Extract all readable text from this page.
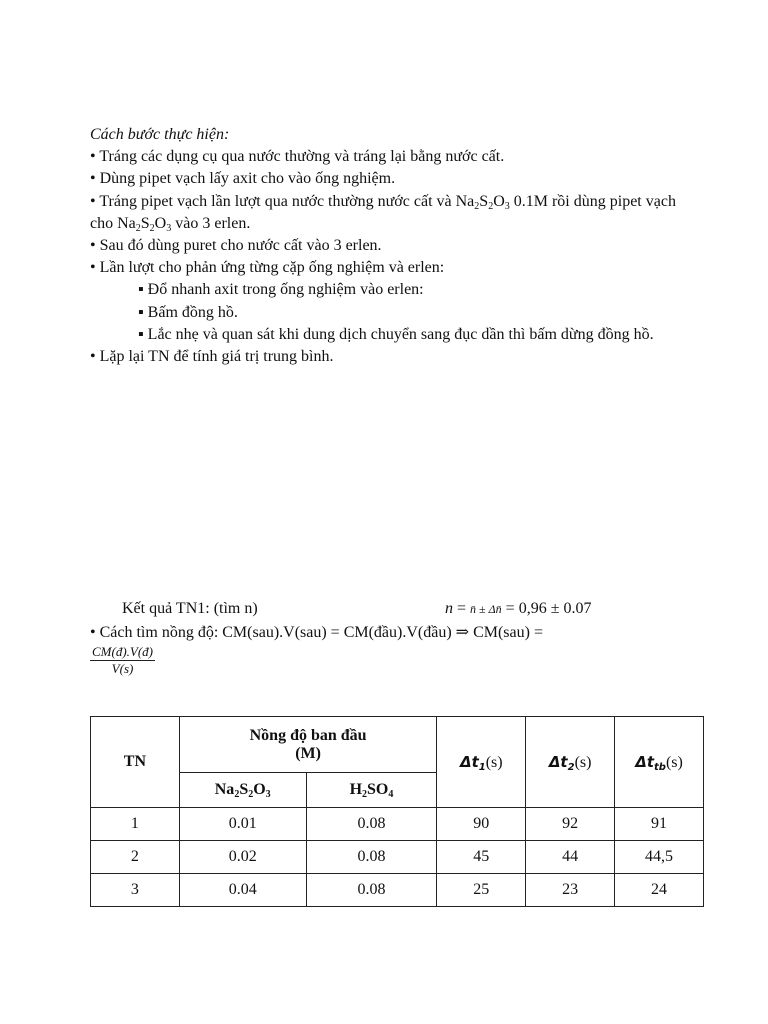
Cách bước thực hiện:
• Tráng các dụng cụ qua nước thường và tráng lại bằng nước cất.
• Dùng pipet vạch lấy axit cho vào ống nghiệm.
• Tráng pipet vạch lần lượt qua nước thường nước cất và $Na_2S_2O_3$ 0.1M rồi dùng pipet vạch cho $Na_2S_2O_3$ vào 3 erlen.
• Sau đó dùng puret cho nước cất vào 3 erlen.
• Lần lượt cho phản ứng từng cặp ống nghiệm và erlen:
▪ Đổ nhanh axit trong ống nghiệm vào erlen:
▪ Bấm đồng hồ.
▪ Lắc nhẹ và quan sát khi dung dịch chuyển sang đục dần thì bấm dừng đồng hồ.
• Lặp lại TN để tính giá trị trung bình.
Kết quả TN1: (tìm n)	n = n̄ ± Δn̄ = 0,96 ± 0.07
• Cách tìm nồng độ: CM(sau).V(sau) = CM(đầu).V(đầu) ⇒ CM(sau) =
$\frac{CM(đ).V(đ)}{V(s)}$
TN	Nồng độ ban đầu
(M)		$\Delta t_1(s)$	$\Delta t_2(s)$	$\Delta t_{tb}(s)$
	$Na_2S_2O_3$	$H_2SO_4$
1	0.01	0.08	90	92	91
2	0.02	0.08	45	44	44,5
3	0.04	0.08	25	23	24
